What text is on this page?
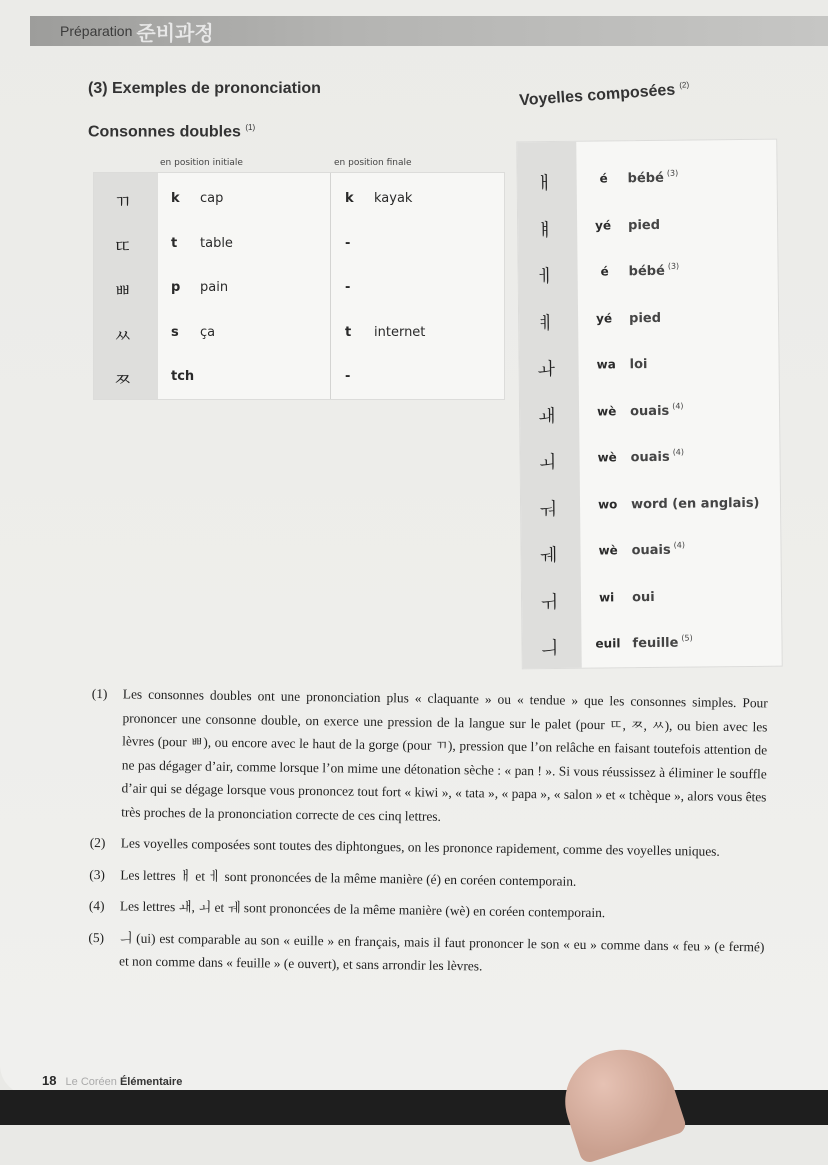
Préparation 준비과정
(3) Exemples de prononciation
Consonnes doubles $^{(1)}$
Voyelles composées $^{(2)}$
en position initiale	en position finale
ㄲ	k cap	k kayak
ㄸ	t table	-
ㅃ	p pain	-
ㅆ	s ça	t internet
ㅉ	tch	-
ㅐ	é bébé $^{(3)}$
ㅒ	yé pied
ㅔ	é bébé $^{(3)}$
ㅖ	yé pied
ㅘ	wa loi
ㅙ	wè ouais $^{(4)}$
ㅚ	wè ouais $^{(4)}$
ㅝ	wo word (en anglais)
ㅞ	wè ouais $^{(4)}$
ㅟ	wi oui
ㅢ	euil feuille $^{(5)}$
(1)	Les consonnes doubles ont une prononciation plus « claquante » ou « tendue » que les consonnes simples. Pour prononcer une consonne double, on exerce une pression de la langue sur le palet (pour ㄸ, ㅉ, ㅆ), ou bien avec les lèvres (pour ㅃ), ou encore avec le haut de la gorge (pour ㄲ), pression que l’on relâche en faisant toutefois attention de ne pas dégager d’air, comme lorsque l’on mime une détonation sèche : « pan ! ». Si vous réussissez à éliminer le souffle d’air qui se dégage lorsque vous prononcez tout fort « kiwi », « tata », « papa », « salon » et « tchèque », alors vous êtes très proches de la prononciation correcte de ces cinq lettres.
(2)	Les voyelles composées sont toutes des diphtongues, on les prononce rapidement, comme des voyelles uniques.
(3)	Les lettres ㅐ et ㅔ sont prononcées de la même manière (é) en coréen contemporain.
(4)	Les lettres ㅙ, ㅚ et ㅞ sont prononcées de la même manière (wè) en coréen contemporain.
(5)	ㅢ (ui) est comparable au son « euille » en français, mais il faut prononcer le son « eu » comme dans « feu » (e fermé) et non comme dans « feuille » (e ouvert), et sans arrondir les lèvres.
18 Le Coréen Élémentaire
